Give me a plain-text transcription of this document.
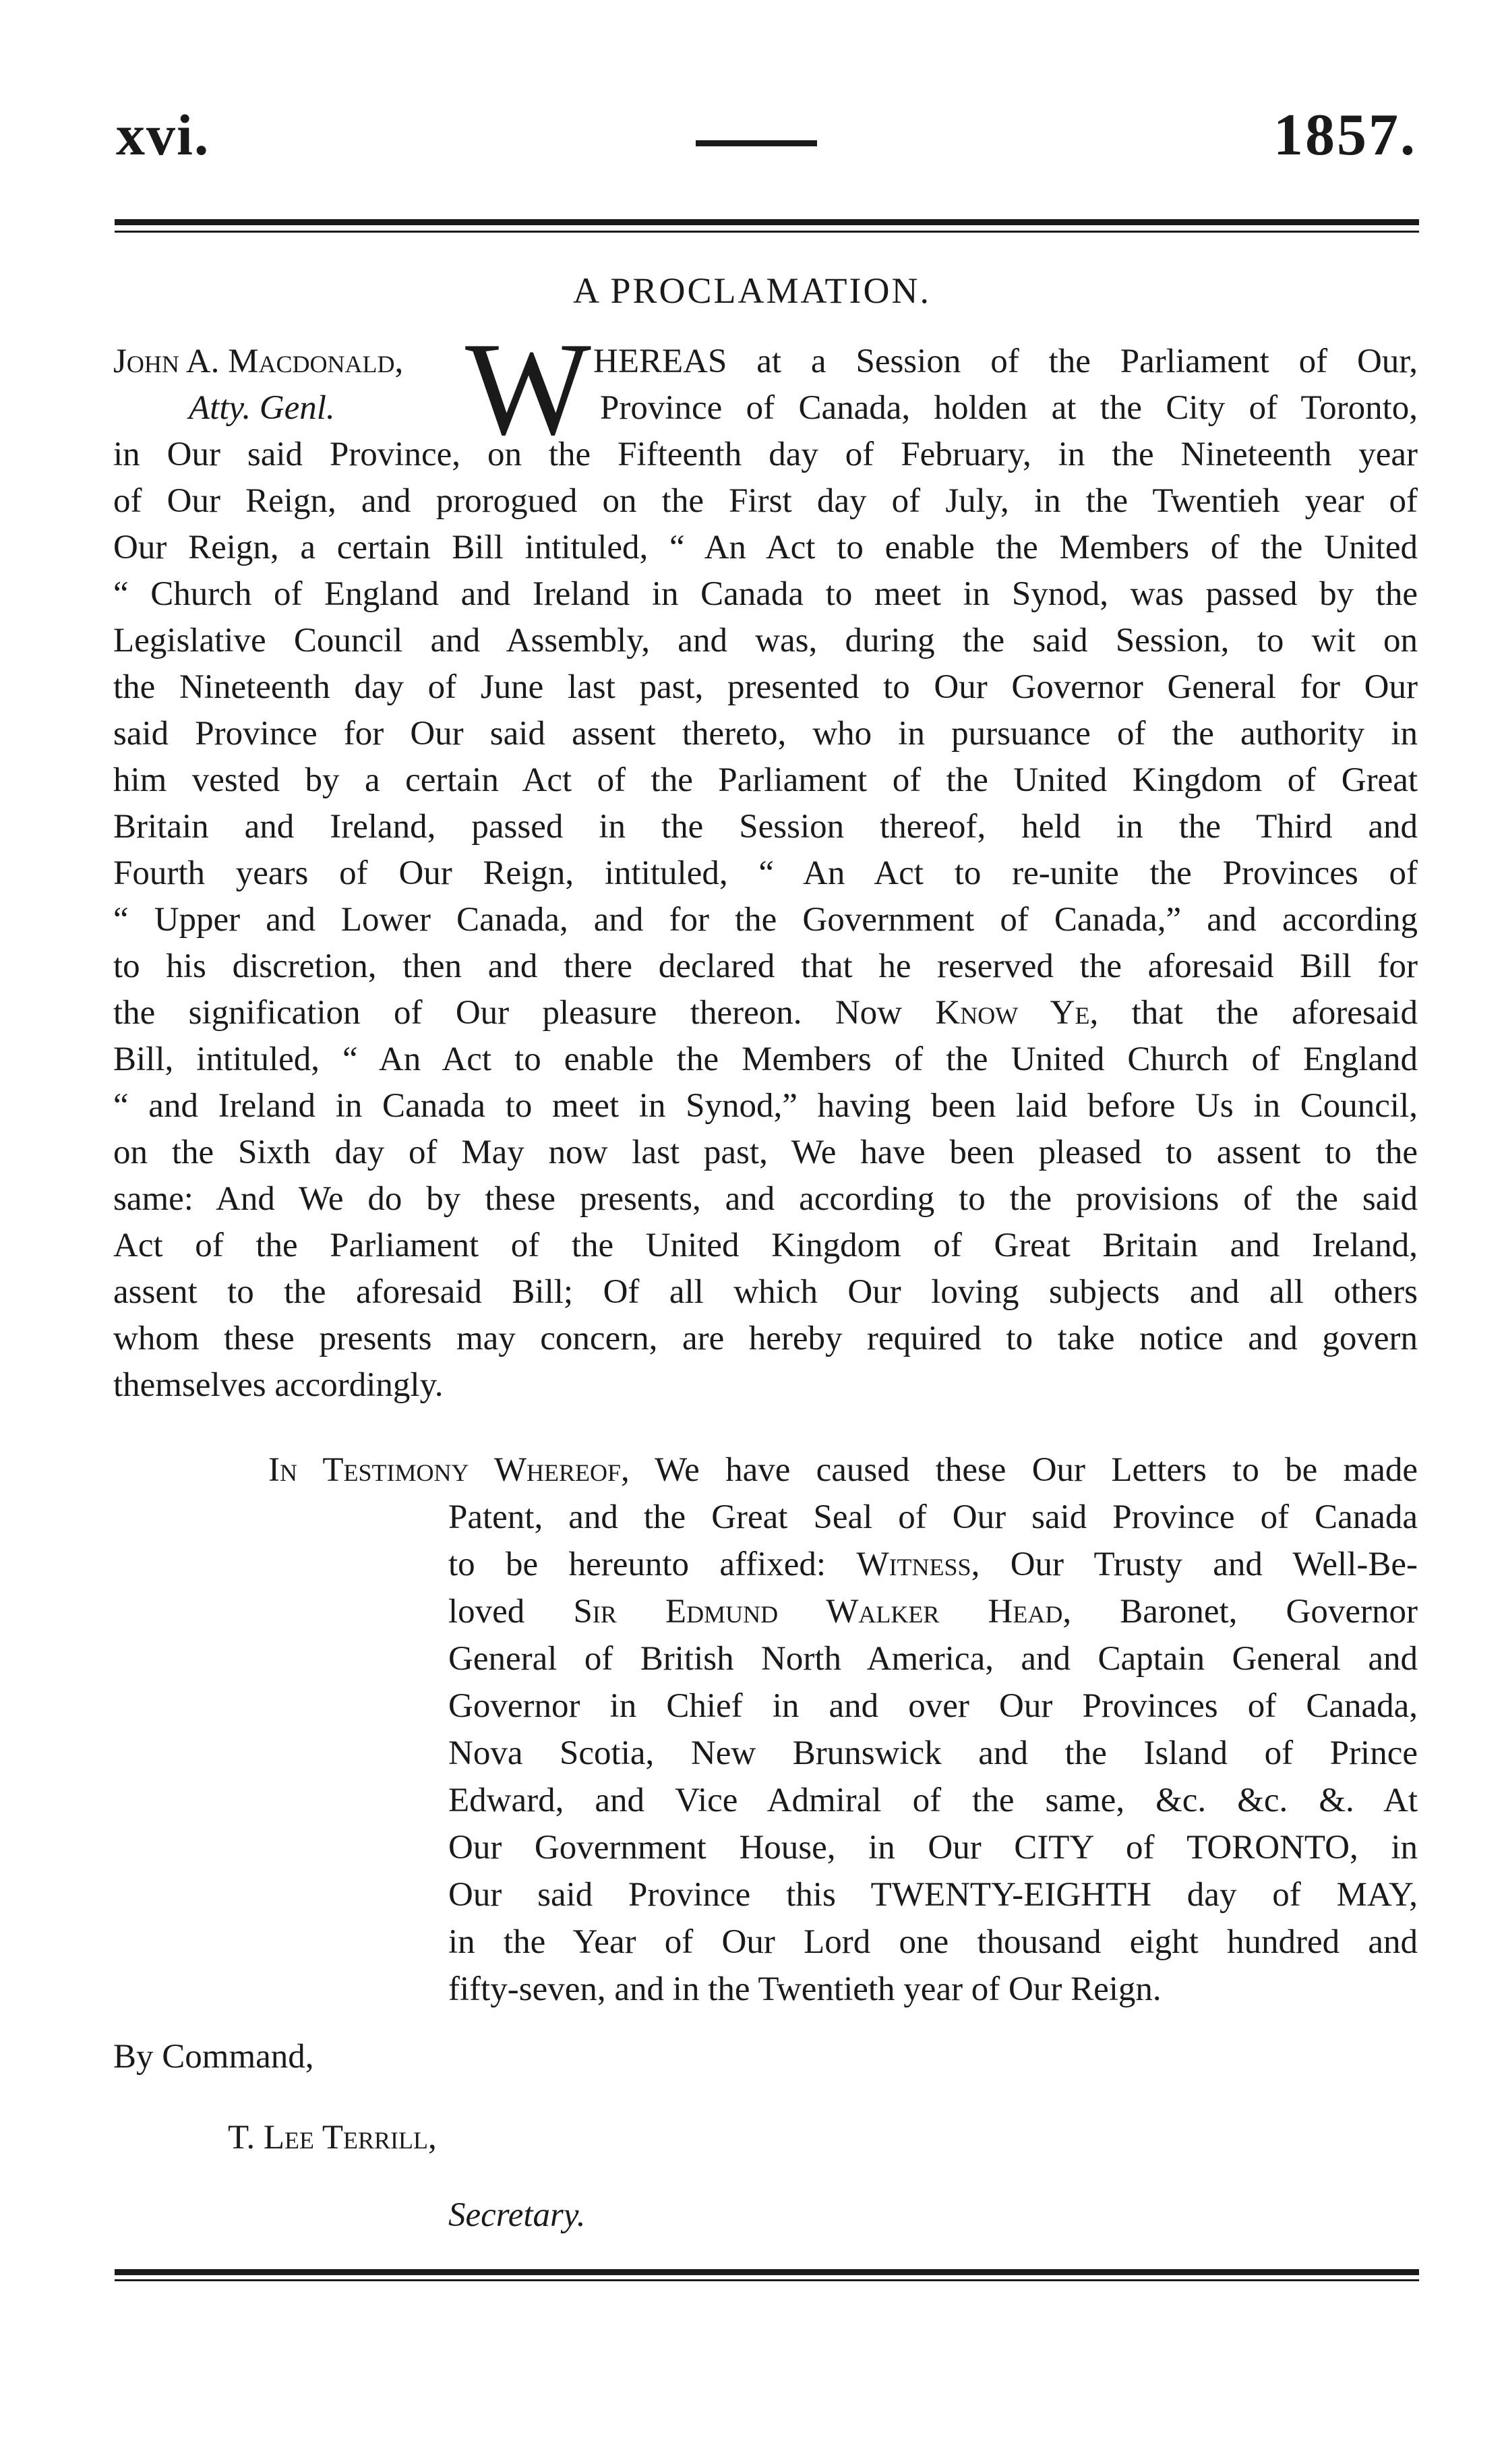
xvi.	1857.
A PROCLAMATION.
W
John A. Macdonald,
Atty. Genl.
HEREAS at a Session of the Parliament of Our,
Province of Canada, holden at the City of Toronto,
in Our said Province, on the Fifteenth day of February, in the Nineteenth year
of Our Reign, and prorogued on the First day of July, in the Twentieh year of
Our Reign, a certain Bill intituled, “ An Act to enable the Members of the United
“ Church of England and Ireland in Canada to meet in Synod, was passed by the
Legislative Council and Assembly, and was, during the said Session, to wit on
the Nineteenth day of June last past, presented to Our Governor General for Our
said Province for Our said assent thereto, who in pursuance of the authority in
him vested by a certain Act of the Parliament of the United Kingdom of Great
Britain and Ireland, passed in the Session thereof, held in the Third and
Fourth years of Our Reign, intituled, “ An Act to re-unite the Provinces of
“ Upper and Lower Canada, and for the Government of Canada,” and according
to his discretion, then and there declared that he reserved the aforesaid Bill for
the signification of Our pleasure thereon. Now Know Ye, that the aforesaid
Bill, intituled, “ An Act to enable the Members of the United Church of England
“ and Ireland in Canada to meet in Synod,” having been laid before Us in Council,
on the Sixth day of May now last past, We have been pleased to assent to the
same: And We do by these presents, and according to the provisions of the said
Act of the Parliament of the United Kingdom of Great Britain and Ireland,
assent to the aforesaid Bill; Of all which Our loving subjects and all others
whom these presents may concern, are hereby required to take notice and govern
themselves accordingly.
In Testimony Whereof, We have caused these Our Letters to be made
Patent, and the Great Seal of Our said Province of Canada
to be hereunto affixed: Witness, Our Trusty and Well-Be-
loved Sir Edmund Walker Head, Baronet, Governor
General of British North America, and Captain General and
Governor in Chief in and over Our Provinces of Canada,
Nova Scotia, New Brunswick and the Island of Prince
Edward, and Vice Admiral of the same, &c. &c. &. At
Our Government House, in Our CITY of TORONTO, in
Our said Province this TWENTY-EIGHTH day of MAY,
in the Year of Our Lord one thousand eight hundred and
fifty-seven, and in the Twentieth year of Our Reign.
By Command,
T. Lee Terrill,
Secretary.
